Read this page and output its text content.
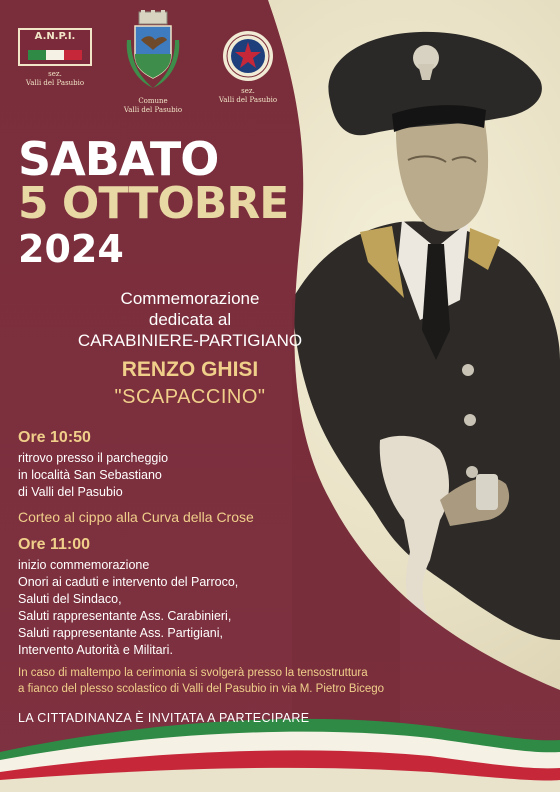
A.N.P.I.
sez.
Valli del Pasubio
Comune
Valli del Pasubio
sez.
Valli del Pasubio
SABATO
5 OTTOBRE
2024
Commemorazione
dedicata al
CARABINIERE-PARTIGIANO
RENZO GHISI
"SCAPACCINO"
Ore 10:50
ritrovo presso il parcheggio
in località San Sebastiano
di Valli del Pasubio
Corteo al cippo alla Curva della Crose
Ore 11:00
inizio commemorazione
Onori ai caduti e intervento del Parroco,
Saluti del Sindaco,
Saluti rappresentante Ass. Carabinieri,
Saluti rappresentante Ass. Partigiani,
Intervento Autorità e Militari.
In caso di maltempo la cerimonia si svolgerà presso la tensostruttura
a fianco del plesso scolastico di Valli del Pasubio in via M. Pietro Bicego
LA CITTADINANZA È INVITATA A PARTECIPARE
